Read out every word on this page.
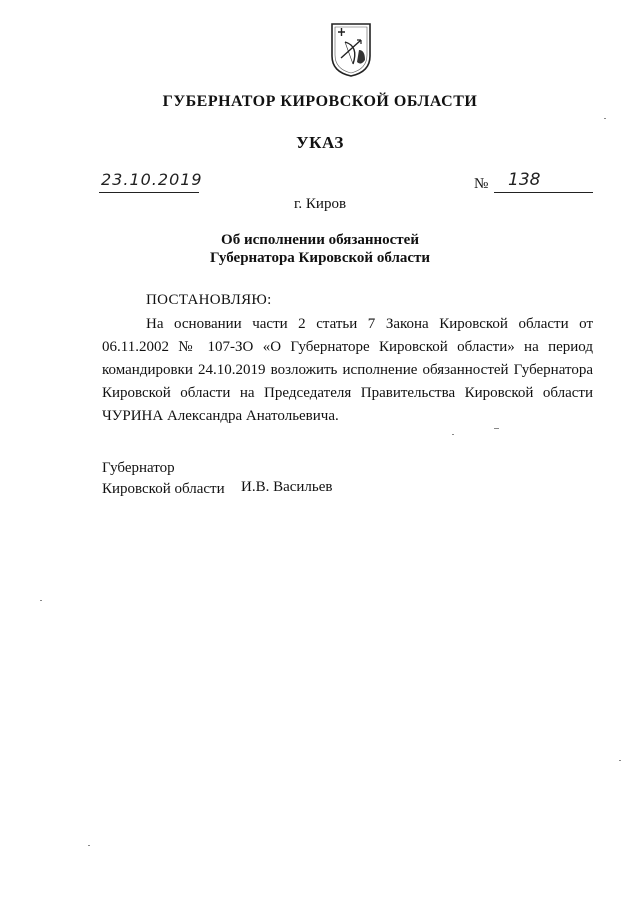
ГУБЕРНАТОР КИРОВСКОЙ ОБЛАСТИ
УКАЗ
23.10.2019	№ 138
г. Киров
Об исполнении обязанностей
Губернатора Кировской области
ПОСТАНОВЛЯЮ:
На основании части 2 статьи 7 Закона Кировской области от 06.11.2002 № 107-ЗО «О Губернаторе Кировской области» на период командировки 24.10.2019 возложить исполнение обязанностей Губернатора Кировской области на Председателя Правительства Кировской области ЧУРИНА Александра Анатольевича.
Губернатор
Кировской области И.В. Васильев
